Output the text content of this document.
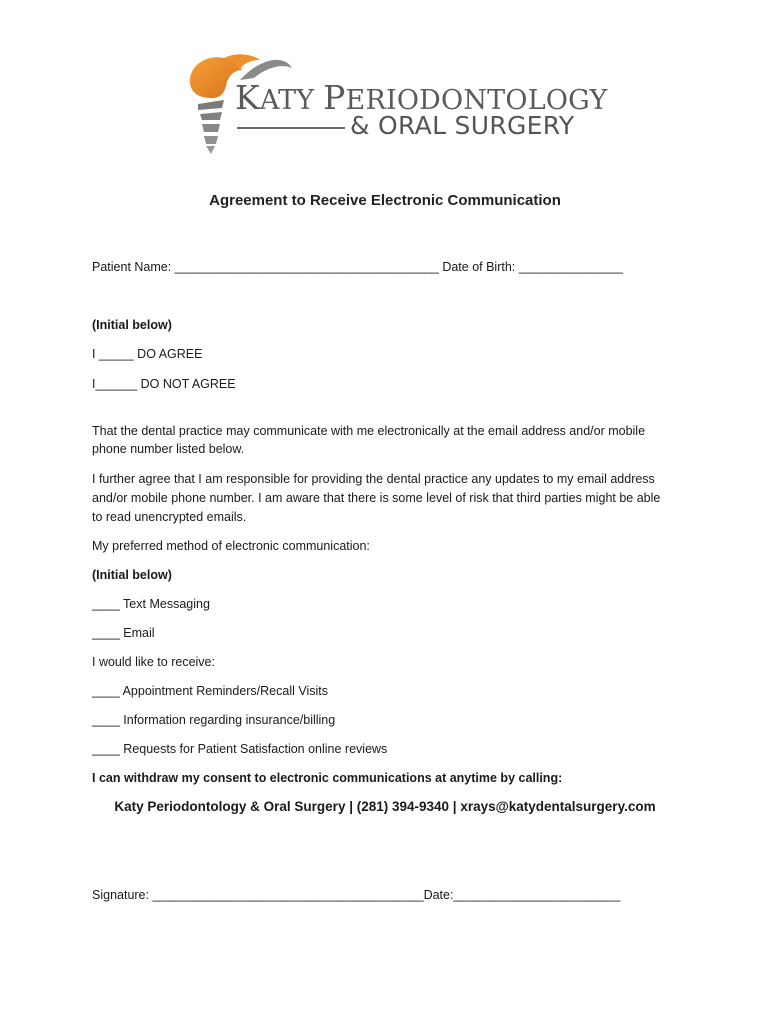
KATY PERIODONTOLOGY
& ORAL SURGERY
Agreement to Receive Electronic Communication
Patient Name: ______________________________________ Date of Birth: _______________
(Initial below)
I _____ DO AGREE
I______ DO NOT AGREE
That the dental practice may communicate with me electronically at the email address and/or mobile
phone number listed below.
I further agree that I am responsible for providing the dental practice any updates to my email address
and/or mobile phone number. I am aware that there is some level of risk that third parties might be able
to read unencrypted emails.
My preferred method of electronic communication:
(Initial below)
____ Text Messaging
____ Email
I would like to receive:
____ Appointment Reminders/Recall Visits
____ Information regarding insurance/billing
____ Requests for Patient Satisfaction online reviews
I can withdraw my consent to electronic communications at anytime by calling:
Katy Periodontology & Oral Surgery | (281) 394-9340 | xrays@katydentalsurgery.com
Signature: _______________________________________Date:________________________
